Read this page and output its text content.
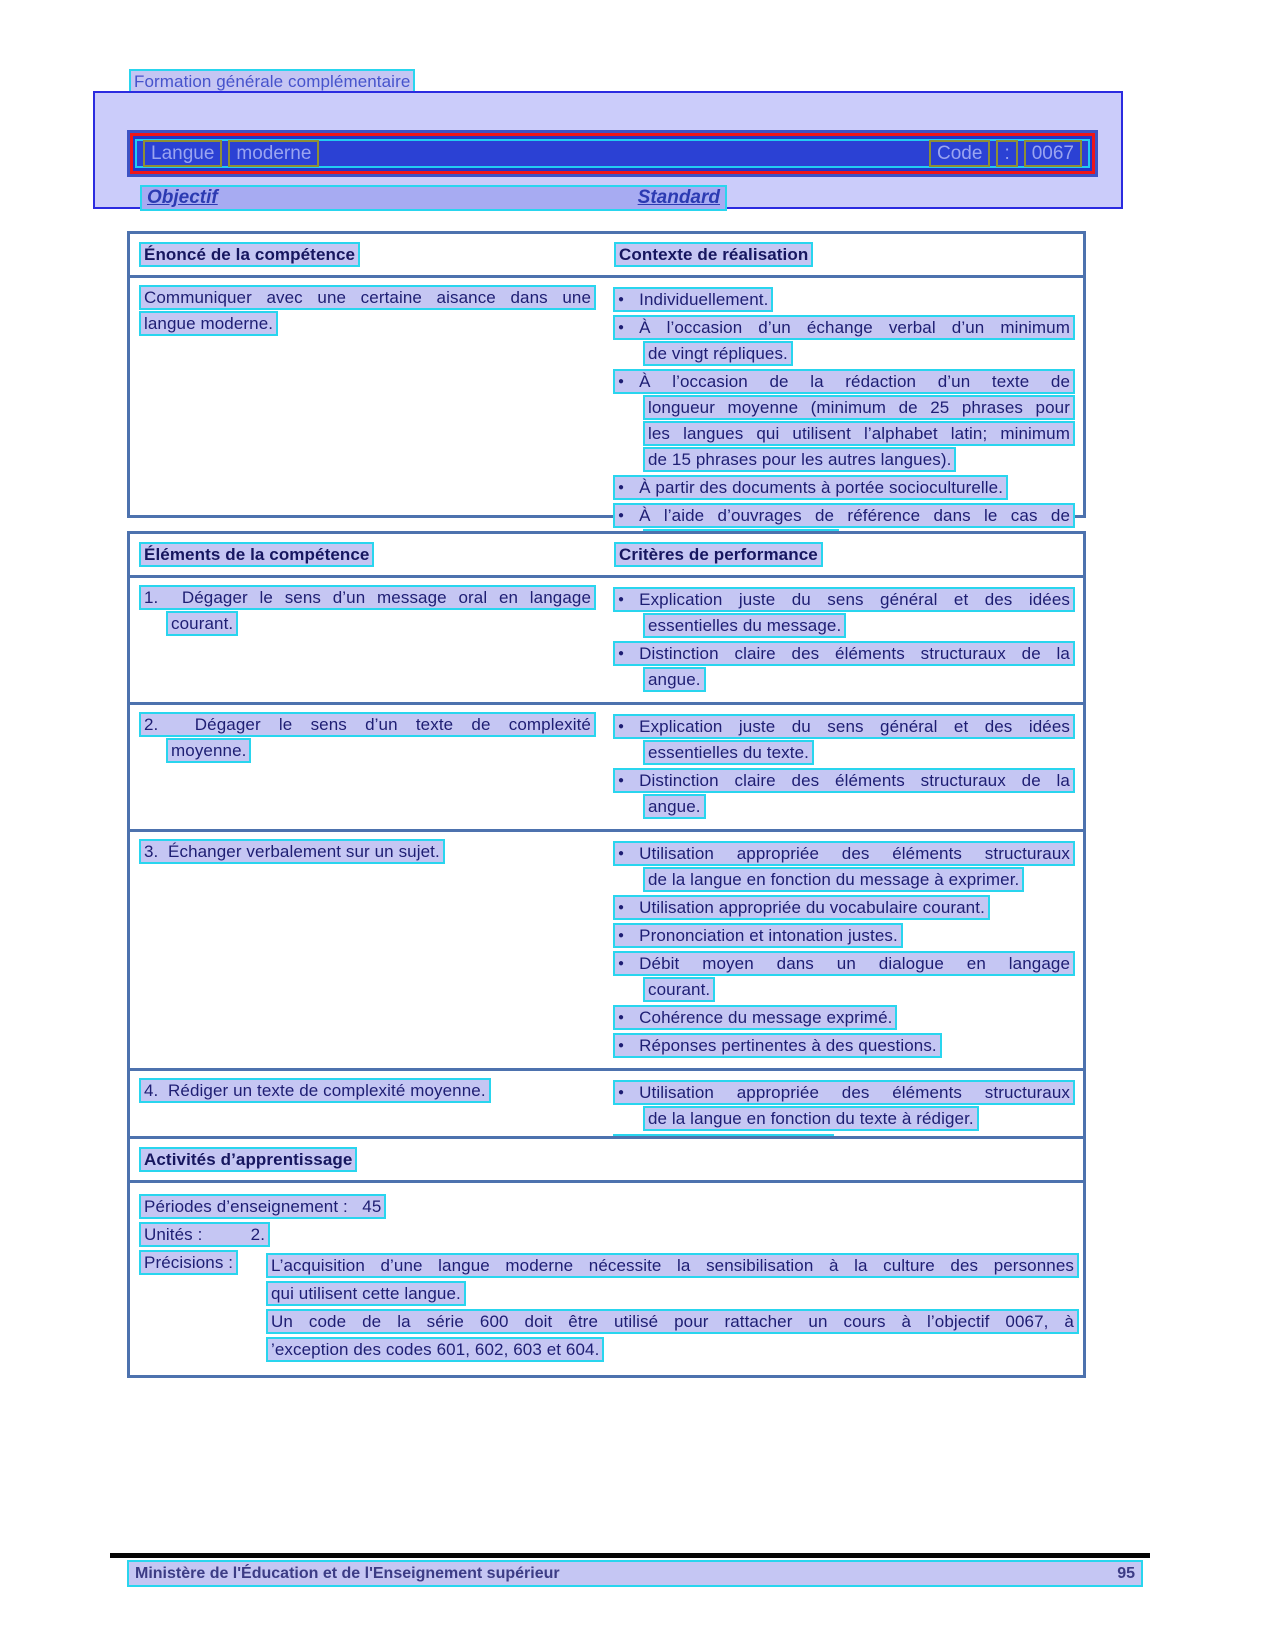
Formation générale complémentaire
Langue	moderne	Code	:	0067
Objectif	Standard
Énoncé de la compétence	Contexte de réalisation
Communiquer avec une certaine aisance dans une
langue moderne.
● Individuellement.
● À l’occasion d’un échange verbal d’un minimum
de vingt répliques.
● À l’occasion de la rédaction d’un texte de
longueur moyenne (minimum de 25 phrases pour
les langues qui utilisent l’alphabet latin; minimum
de 15 phrases pour les autres langues).
● À partir des documents à portée socioculturelle.
● À l’aide d’ouvrages de référence dans le cas de
Éléments de la compétence	Critères de performance
1.  Dégager le sens d’un message oral en langage
courant.
● Explication juste du sens général et des idées
essentielles du message.
● Distinction claire des éléments structuraux de la
angue.
2.  Dégager le sens d’un texte de complexité
moyenne.
● Explication juste du sens général et des idées
essentielles du texte.
● Distinction claire des éléments structuraux de la
angue.
3.  Échanger verbalement sur un sujet.	● Utilisation appropriée des éléments structuraux
de la langue en fonction du message à exprimer.
● Utilisation appropriée du vocabulaire courant.
● Prononciation et intonation justes.
● Débit moyen dans un dialogue en langage
courant.
● Cohérence du message exprimé.
● Réponses pertinentes à des questions.
4.  Rédiger un texte de complexité moyenne.	● Utilisation appropriée des éléments structuraux
de la langue en fonction du texte à rédiger.
Activités d’apprentissage
Périodes d’enseignement :   45
Unités :          2.
Précisions :	L’acquisition d’une langue moderne nécessite la sensibilisation à la culture des personnes
qui utilisent cette langue.
Un code de la série 600 doit être utilisé pour rattacher un cours à l’objectif 0067, à
’exception des codes 601, 602, 603 et 604.
Ministère de l'Éducation et de l'Enseignement supérieur	95
